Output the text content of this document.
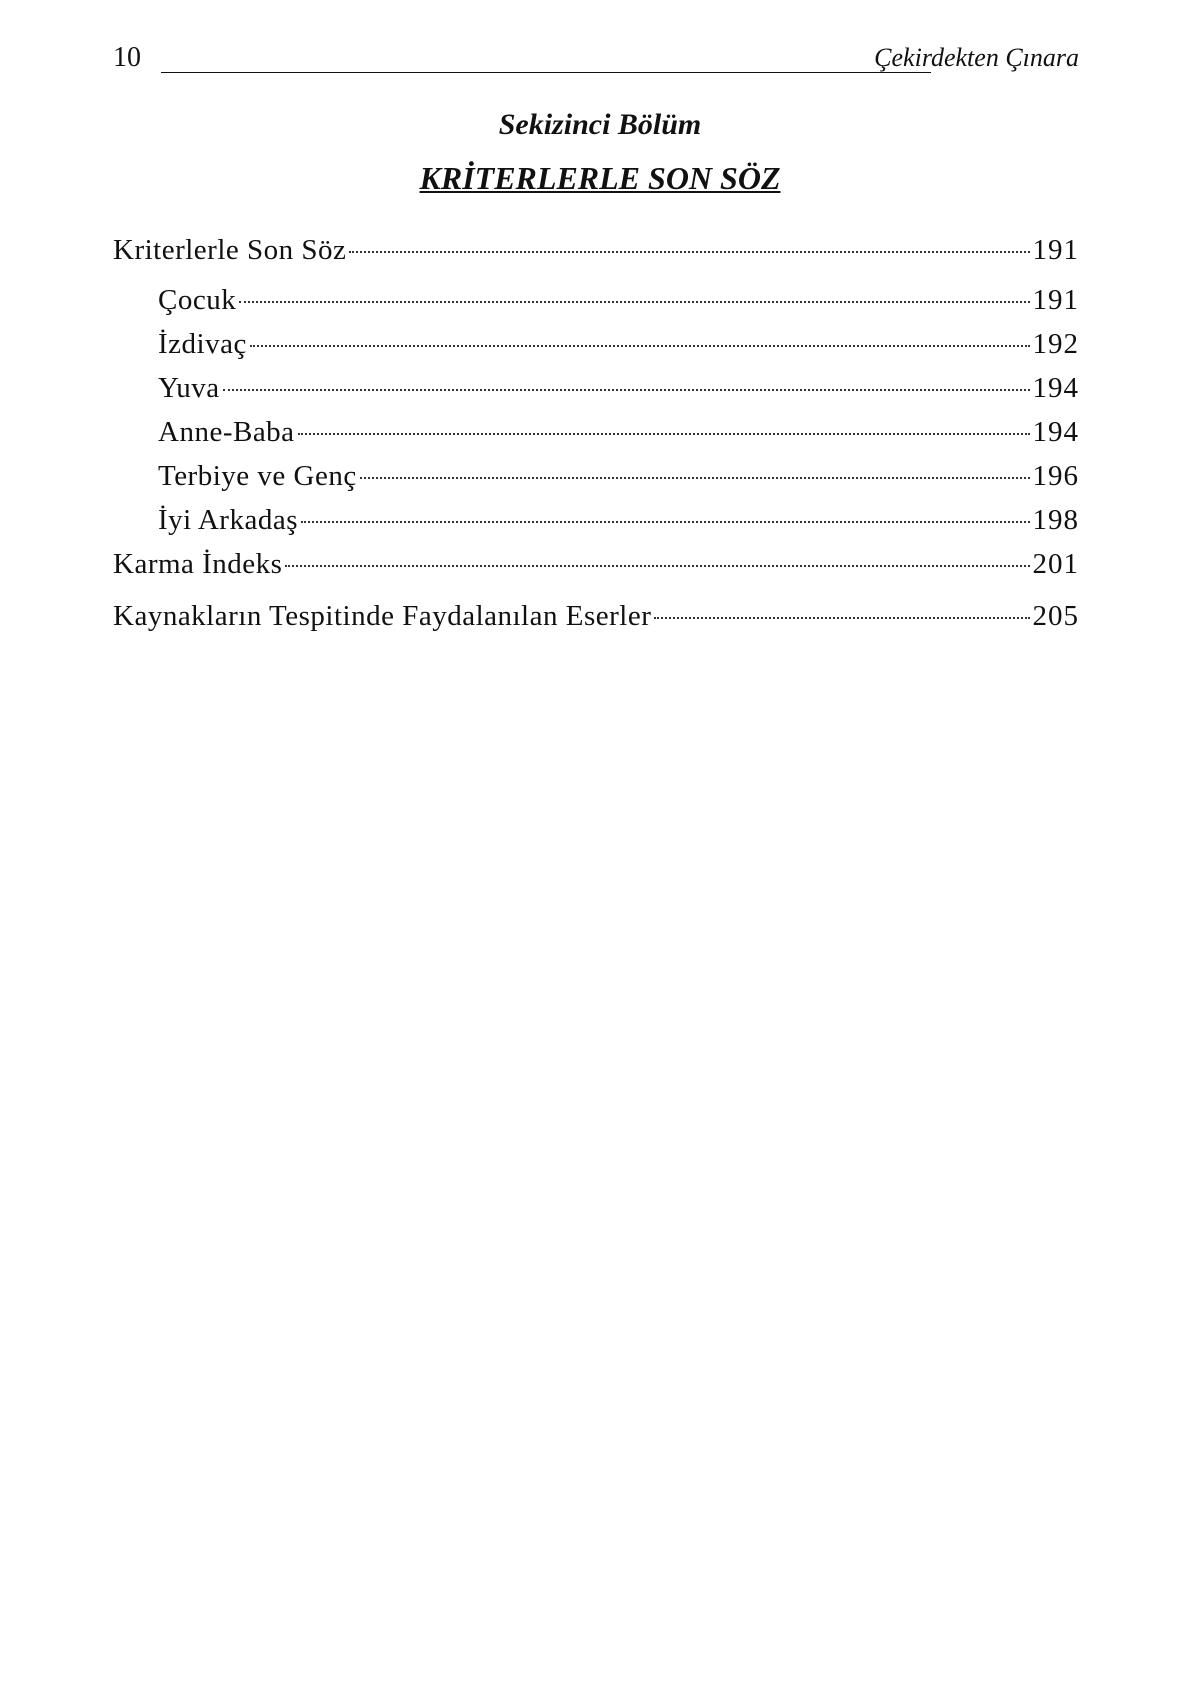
10	Çekirdekten Çınara
Sekizinci Bölüm
KRİTERLERLE SON SÖZ
Kriterlerle Son Söz	191
Çocuk	191
İzdivaç	192
Yuva	194
Anne-Baba	194
Terbiye ve Genç	196
İyi Arkadaş	198
Karma İndeks	201
Kaynakların Tespitinde Faydalanılan Eserler	205
